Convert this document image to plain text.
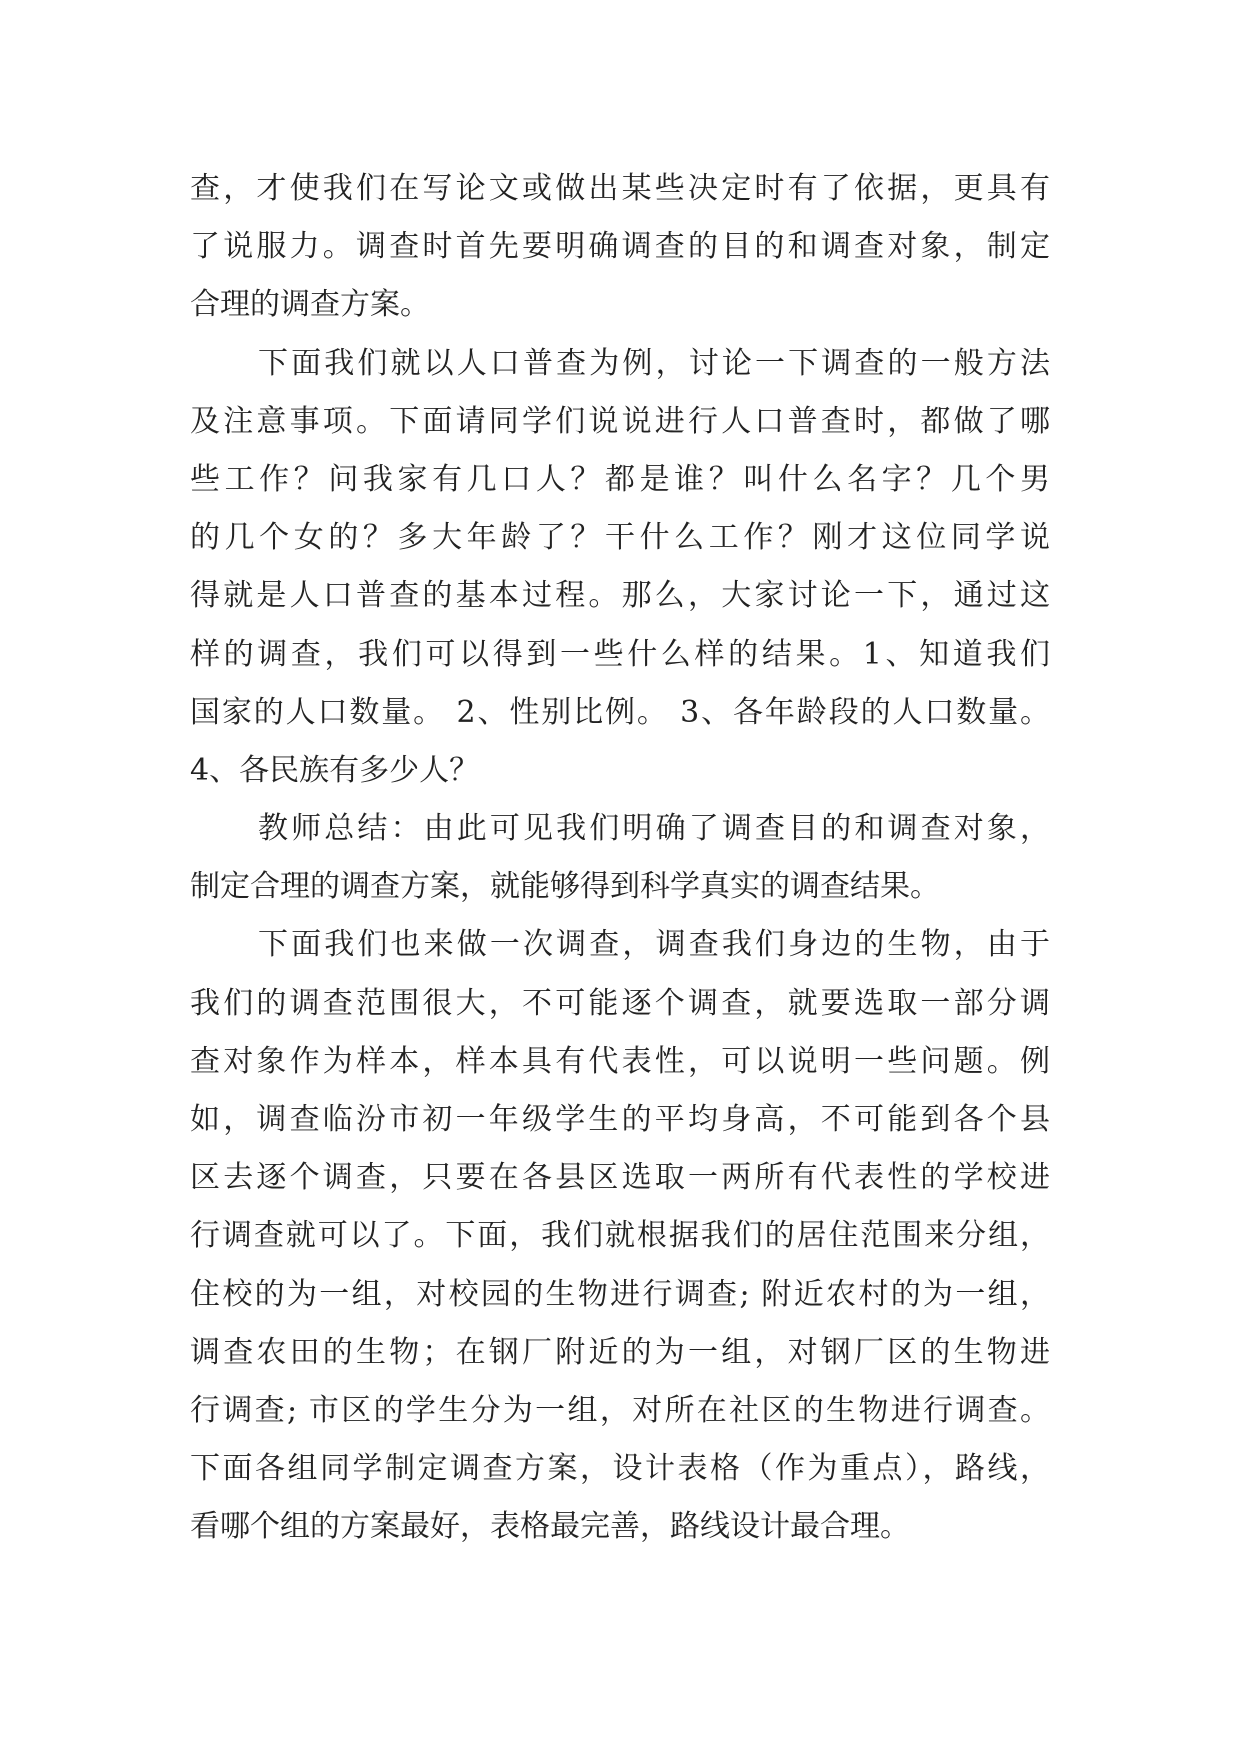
查，才使我们在写论文或做出某些决定时有了依据，更具有
了说服力。调查时首先要明确调查的目的和调查对象，制定
合理的调查方案。
下面我们就以人口普查为例，讨论一下调查的一般方法
及注意事项。下面请同学们说说进行人口普查时，都做了哪
些工作？问我家有几口人？都是谁？叫什么名字？几个男
的几个女的？多大年龄了？干什么工作？刚才这位同学说
得就是人口普查的基本过程。那么，大家讨论一下，通过这
样的调查，我们可以得到一些什么样的结果。1、知道我们
国家的人口数量。 2、性别比例。 3、各年龄段的人口数量。
4、各民族有多少人？
教师总结：由此可见我们明确了调查目的和调查对象，
制定合理的调查方案，就能够得到科学真实的调查结果。
下面我们也来做一次调查，调查我们身边的生物，由于
我们的调查范围很大，不可能逐个调查，就要选取一部分调
查对象作为样本，样本具有代表性，可以说明一些问题。例
如，调查临汾市初一年级学生的平均身高，不可能到各个县
区去逐个调查，只要在各县区选取一两所有代表性的学校进
行调查就可以了。下面，我们就根据我们的居住范围来分组，
住校的为一组，对校园的生物进行调查; 附近农村的为一组，
调查农田的生物；在钢厂附近的为一组，对钢厂区的生物进
行调查; 市区的学生分为一组，对所在社区的生物进行调查。
下面各组同学制定调查方案，设计表格（作为重点），路线，
看哪个组的方案最好，表格最完善，路线设计最合理。
